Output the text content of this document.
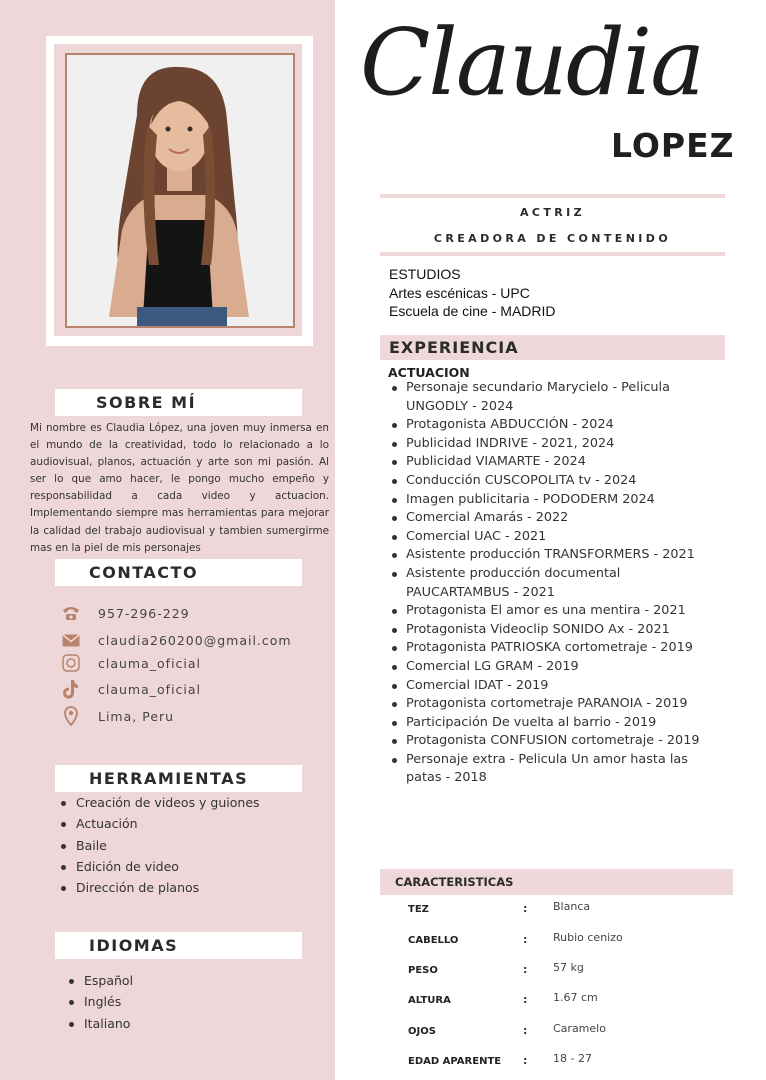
SOBRE MÍ
Mi nombre es Claudia López, una joven muy inmersa en el mundo de la creatividad, todo lo relacionado a lo audiovisual, planos, actuación y arte son mi pasión. Al ser lo que amo hacer, le pongo mucho empeño y responsabilidad a cada video y actuacion. Implementando siempre mas herramientas para mejorar la calidad del trabajo audiovisual y tambien sumergirme mas en la piel de mis personajes
CONTACTO
957-296-229
claudia260200@gmail.com
clauma_oficial
clauma_oficial
Lima, Peru
HERRAMIENTAS
Creación de videos y guiones
Actuación
Baile
Edición de video
Dirección de planos
IDIOMAS
Español
Inglés
Italiano
Claudia
LOPEZ
ACTRIZ
CREADORA DE CONTENIDO
ESTUDIOS
Artes escénicas - UPC
Escuela de cine - MADRID
EXPERIENCIA
ACTUACION
Personaje secundario Marycielo - Pelicula UNGODLY - 2024
Protagonista ABDUCCIÓN - 2024
Publicidad INDRIVE - 2021, 2024
Publicidad VIAMARTE - 2024
Conducción CUSCOPOLITA tv - 2024
Imagen publicitaria - PODODERM 2024
Comercial Amarás - 2022
Comercial UAC - 2021
Asistente producción TRANSFORMERS - 2021
Asistente producción documental PAUCARTAMBUS - 2021
Protagonista El amor es una mentira - 2021
Protagonista Videoclip SONIDO Ax - 2021
Protagonista PATRIOSKA cortometraje - 2019
Comercial LG GRAM - 2019
Comercial IDAT - 2019
Protagonista cortometraje PARANOIA - 2019
Participación De vuelta al barrio - 2019
Protagonista CONFUSION cortometraje - 2019
Personaje extra - Pelicula Un amor hasta las patas - 2018
CARACTERISTICAS
TEZ	: Blanca
CABELLO	: Rubio cenizo
PESO	: 57 kg
ALTURA	: 1.67 cm
OJOS	: Caramelo
EDAD APARENTE : 18 - 27
